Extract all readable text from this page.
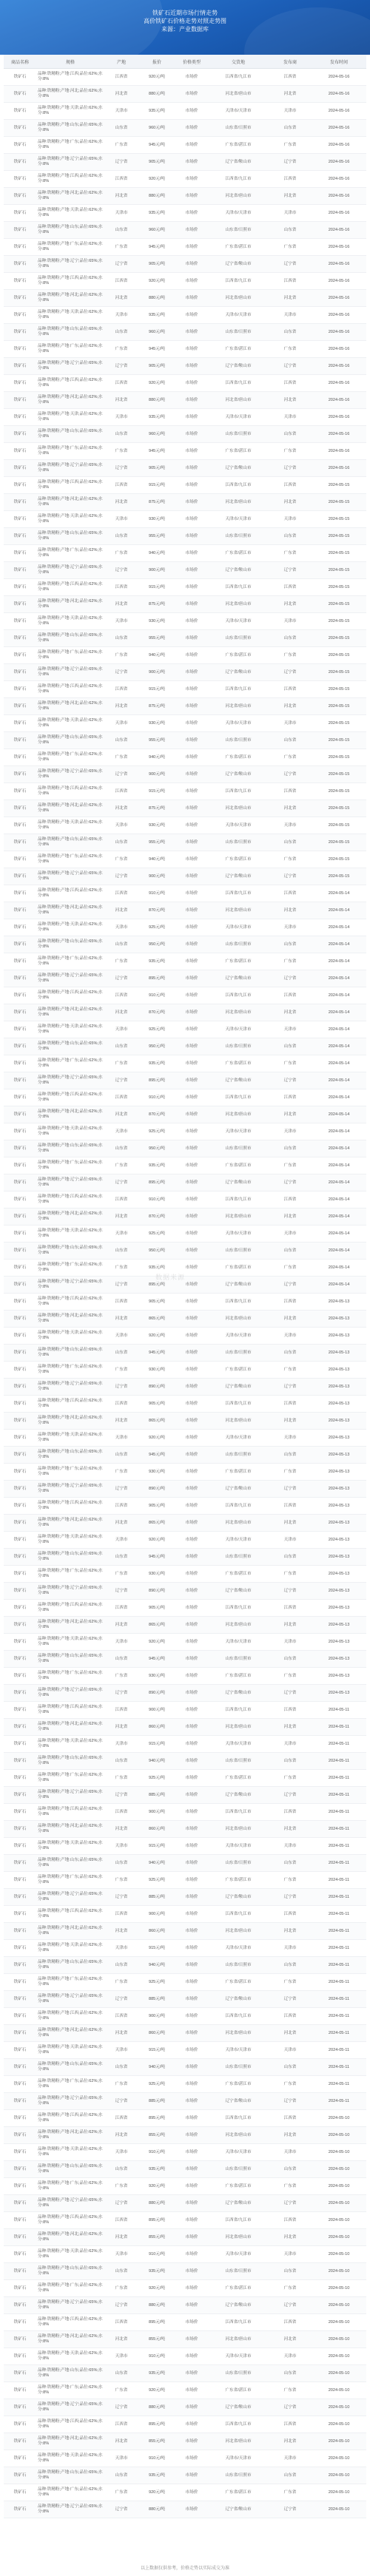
铁矿石近期市场行情走势
高价铁矿石价格走势对照走势图
来源：产业数据库
商品名称	规格	产地	报价	价格类型	交货地	发布商	发布时间
铁矿石	品种:铁精粉;产地:江西;品位:62%;水分:8%	江西省	920元/吨	市场价	江西省/九江市	江西省	2024-05-16
铁矿石	品种:铁精粉;产地:河北;品位:62%;水分:8%	河北省	880元/吨	市场价	河北省/唐山市	河北省	2024-05-16
铁矿石	品种:铁精粉;产地:天津;品位:62%;水分:8%	天津市	935元/吨	市场价	天津市/天津市	天津市	2024-05-16
铁矿石	品种:铁精粉;产地:山东;品位:65%;水分:8%	山东省	960元/吨	市场价	山东省/日照市	山东省	2024-05-16
铁矿石	品种:铁精粉;产地:广东;品位:62%;水分:8%	广东省	945元/吨	市场价	广东省/湛江市	广东省	2024-05-16
铁矿石	品种:铁精粉;产地:辽宁;品位:65%;水分:8%	辽宁省	905元/吨	市场价	辽宁省/鞍山市	辽宁省	2024-05-16
铁矿石	品种:铁精粉;产地:江西;品位:62%;水分:8%	江西省	920元/吨	市场价	江西省/九江市	江西省	2024-05-16
铁矿石	品种:铁精粉;产地:河北;品位:62%;水分:8%	河北省	880元/吨	市场价	河北省/唐山市	河北省	2024-05-16
铁矿石	品种:铁精粉;产地:天津;品位:62%;水分:8%	天津市	935元/吨	市场价	天津市/天津市	天津市	2024-05-16
铁矿石	品种:铁精粉;产地:山东;品位:65%;水分:8%	山东省	960元/吨	市场价	山东省/日照市	山东省	2024-05-16
铁矿石	品种:铁精粉;产地:广东;品位:62%;水分:8%	广东省	945元/吨	市场价	广东省/湛江市	广东省	2024-05-16
铁矿石	品种:铁精粉;产地:辽宁;品位:65%;水分:8%	辽宁省	905元/吨	市场价	辽宁省/鞍山市	辽宁省	2024-05-16
铁矿石	品种:铁精粉;产地:江西;品位:62%;水分:8%	江西省	920元/吨	市场价	江西省/九江市	江西省	2024-05-16
铁矿石	品种:铁精粉;产地:河北;品位:62%;水分:8%	河北省	880元/吨	市场价	河北省/唐山市	河北省	2024-05-16
铁矿石	品种:铁精粉;产地:天津;品位:62%;水分:8%	天津市	935元/吨	市场价	天津市/天津市	天津市	2024-05-16
铁矿石	品种:铁精粉;产地:山东;品位:65%;水分:8%	山东省	960元/吨	市场价	山东省/日照市	山东省	2024-05-16
铁矿石	品种:铁精粉;产地:广东;品位:62%;水分:8%	广东省	945元/吨	市场价	广东省/湛江市	广东省	2024-05-16
铁矿石	品种:铁精粉;产地:辽宁;品位:65%;水分:8%	辽宁省	905元/吨	市场价	辽宁省/鞍山市	辽宁省	2024-05-16
铁矿石	品种:铁精粉;产地:江西;品位:62%;水分:8%	江西省	920元/吨	市场价	江西省/九江市	江西省	2024-05-16
铁矿石	品种:铁精粉;产地:河北;品位:62%;水分:8%	河北省	880元/吨	市场价	河北省/唐山市	河北省	2024-05-16
铁矿石	品种:铁精粉;产地:天津;品位:62%;水分:8%	天津市	935元/吨	市场价	天津市/天津市	天津市	2024-05-16
铁矿石	品种:铁精粉;产地:山东;品位:65%;水分:8%	山东省	960元/吨	市场价	山东省/日照市	山东省	2024-05-16
铁矿石	品种:铁精粉;产地:广东;品位:62%;水分:8%	广东省	945元/吨	市场价	广东省/湛江市	广东省	2024-05-16
铁矿石	品种:铁精粉;产地:辽宁;品位:65%;水分:8%	辽宁省	905元/吨	市场价	辽宁省/鞍山市	辽宁省	2024-05-16
铁矿石	品种:铁精粉;产地:江西;品位:62%;水分:8%	江西省	915元/吨	市场价	江西省/九江市	江西省	2024-05-15
铁矿石	品种:铁精粉;产地:河北;品位:62%;水分:8%	河北省	875元/吨	市场价	河北省/唐山市	河北省	2024-05-15
铁矿石	品种:铁精粉;产地:天津;品位:62%;水分:8%	天津市	930元/吨	市场价	天津市/天津市	天津市	2024-05-15
铁矿石	品种:铁精粉;产地:山东;品位:65%;水分:8%	山东省	955元/吨	市场价	山东省/日照市	山东省	2024-05-15
铁矿石	品种:铁精粉;产地:广东;品位:62%;水分:8%	广东省	940元/吨	市场价	广东省/湛江市	广东省	2024-05-15
铁矿石	品种:铁精粉;产地:辽宁;品位:65%;水分:8%	辽宁省	900元/吨	市场价	辽宁省/鞍山市	辽宁省	2024-05-15
铁矿石	品种:铁精粉;产地:江西;品位:62%;水分:8%	江西省	915元/吨	市场价	江西省/九江市	江西省	2024-05-15
铁矿石	品种:铁精粉;产地:河北;品位:62%;水分:8%	河北省	875元/吨	市场价	河北省/唐山市	河北省	2024-05-15
铁矿石	品种:铁精粉;产地:天津;品位:62%;水分:8%	天津市	930元/吨	市场价	天津市/天津市	天津市	2024-05-15
铁矿石	品种:铁精粉;产地:山东;品位:65%;水分:8%	山东省	955元/吨	市场价	山东省/日照市	山东省	2024-05-15
铁矿石	品种:铁精粉;产地:广东;品位:62%;水分:8%	广东省	940元/吨	市场价	广东省/湛江市	广东省	2024-05-15
铁矿石	品种:铁精粉;产地:辽宁;品位:65%;水分:8%	辽宁省	900元/吨	市场价	辽宁省/鞍山市	辽宁省	2024-05-15
铁矿石	品种:铁精粉;产地:江西;品位:62%;水分:8%	江西省	915元/吨	市场价	江西省/九江市	江西省	2024-05-15
铁矿石	品种:铁精粉;产地:河北;品位:62%;水分:8%	河北省	875元/吨	市场价	河北省/唐山市	河北省	2024-05-15
铁矿石	品种:铁精粉;产地:天津;品位:62%;水分:8%	天津市	930元/吨	市场价	天津市/天津市	天津市	2024-05-15
铁矿石	品种:铁精粉;产地:山东;品位:65%;水分:8%	山东省	955元/吨	市场价	山东省/日照市	山东省	2024-05-15
铁矿石	品种:铁精粉;产地:广东;品位:62%;水分:8%	广东省	940元/吨	市场价	广东省/湛江市	广东省	2024-05-15
铁矿石	品种:铁精粉;产地:辽宁;品位:65%;水分:8%	辽宁省	900元/吨	市场价	辽宁省/鞍山市	辽宁省	2024-05-15
铁矿石	品种:铁精粉;产地:江西;品位:62%;水分:8%	江西省	915元/吨	市场价	江西省/九江市	江西省	2024-05-15
铁矿石	品种:铁精粉;产地:河北;品位:62%;水分:8%	河北省	875元/吨	市场价	河北省/唐山市	河北省	2024-05-15
铁矿石	品种:铁精粉;产地:天津;品位:62%;水分:8%	天津市	930元/吨	市场价	天津市/天津市	天津市	2024-05-15
铁矿石	品种:铁精粉;产地:山东;品位:65%;水分:8%	山东省	955元/吨	市场价	山东省/日照市	山东省	2024-05-15
铁矿石	品种:铁精粉;产地:广东;品位:62%;水分:8%	广东省	940元/吨	市场价	广东省/湛江市	广东省	2024-05-15
铁矿石	品种:铁精粉;产地:辽宁;品位:65%;水分:8%	辽宁省	900元/吨	市场价	辽宁省/鞍山市	辽宁省	2024-05-15
铁矿石	品种:铁精粉;产地:江西;品位:62%;水分:8%	江西省	910元/吨	市场价	江西省/九江市	江西省	2024-05-14
铁矿石	品种:铁精粉;产地:河北;品位:62%;水分:8%	河北省	870元/吨	市场价	河北省/唐山市	河北省	2024-05-14
铁矿石	品种:铁精粉;产地:天津;品位:62%;水分:8%	天津市	925元/吨	市场价	天津市/天津市	天津市	2024-05-14
铁矿石	品种:铁精粉;产地:山东;品位:65%;水分:8%	山东省	950元/吨	市场价	山东省/日照市	山东省	2024-05-14
铁矿石	品种:铁精粉;产地:广东;品位:62%;水分:8%	广东省	935元/吨	市场价	广东省/湛江市	广东省	2024-05-14
铁矿石	品种:铁精粉;产地:辽宁;品位:65%;水分:8%	辽宁省	895元/吨	市场价	辽宁省/鞍山市	辽宁省	2024-05-14
铁矿石	品种:铁精粉;产地:江西;品位:62%;水分:8%	江西省	910元/吨	市场价	江西省/九江市	江西省	2024-05-14
铁矿石	品种:铁精粉;产地:河北;品位:62%;水分:8%	河北省	870元/吨	市场价	河北省/唐山市	河北省	2024-05-14
铁矿石	品种:铁精粉;产地:天津;品位:62%;水分:8%	天津市	925元/吨	市场价	天津市/天津市	天津市	2024-05-14
铁矿石	品种:铁精粉;产地:山东;品位:65%;水分:8%	山东省	950元/吨	市场价	山东省/日照市	山东省	2024-05-14
铁矿石	品种:铁精粉;产地:广东;品位:62%;水分:8%	广东省	935元/吨	市场价	广东省/湛江市	广东省	2024-05-14
铁矿石	品种:铁精粉;产地:辽宁;品位:65%;水分:8%	辽宁省	895元/吨	市场价	辽宁省/鞍山市	辽宁省	2024-05-14
铁矿石	品种:铁精粉;产地:江西;品位:62%;水分:8%	江西省	910元/吨	市场价	江西省/九江市	江西省	2024-05-14
铁矿石	品种:铁精粉;产地:河北;品位:62%;水分:8%	河北省	870元/吨	市场价	河北省/唐山市	河北省	2024-05-14
铁矿石	品种:铁精粉;产地:天津;品位:62%;水分:8%	天津市	925元/吨	市场价	天津市/天津市	天津市	2024-05-14
铁矿石	品种:铁精粉;产地:山东;品位:65%;水分:8%	山东省	950元/吨	市场价	山东省/日照市	山东省	2024-05-14
铁矿石	品种:铁精粉;产地:广东;品位:62%;水分:8%	广东省	935元/吨	市场价	广东省/湛江市	广东省	2024-05-14
铁矿石	品种:铁精粉;产地:辽宁;品位:65%;水分:8%	辽宁省	895元/吨	市场价	辽宁省/鞍山市	辽宁省	2024-05-14
铁矿石	品种:铁精粉;产地:江西;品位:62%;水分:8%	江西省	910元/吨	市场价	江西省/九江市	江西省	2024-05-14
铁矿石	品种:铁精粉;产地:河北;品位:62%;水分:8%	河北省	870元/吨	市场价	河北省/唐山市	河北省	2024-05-14
铁矿石	品种:铁精粉;产地:天津;品位:62%;水分:8%	天津市	925元/吨	市场价	天津市/天津市	天津市	2024-05-14
铁矿石	品种:铁精粉;产地:山东;品位:65%;水分:8%	山东省	950元/吨	市场价	山东省/日照市	山东省	2024-05-14
铁矿石	品种:铁精粉;产地:广东;品位:62%;水分:8%	广东省	935元/吨	市场价	广东省/湛江市	广东省	2024-05-14
铁矿石	品种:铁精粉;产地:辽宁;品位:65%;水分:8%	辽宁省	895元/吨	市场价	辽宁省/鞍山市	辽宁省	2024-05-14
铁矿石	品种:铁精粉;产地:江西;品位:62%;水分:8%	江西省	905元/吨	市场价	江西省/九江市	江西省	2024-05-13
铁矿石	品种:铁精粉;产地:河北;品位:62%;水分:8%	河北省	865元/吨	市场价	河北省/唐山市	河北省	2024-05-13
铁矿石	品种:铁精粉;产地:天津;品位:62%;水分:8%	天津市	920元/吨	市场价	天津市/天津市	天津市	2024-05-13
铁矿石	品种:铁精粉;产地:山东;品位:65%;水分:8%	山东省	945元/吨	市场价	山东省/日照市	山东省	2024-05-13
铁矿石	品种:铁精粉;产地:广东;品位:62%;水分:8%	广东省	930元/吨	市场价	广东省/湛江市	广东省	2024-05-13
铁矿石	品种:铁精粉;产地:辽宁;品位:65%;水分:8%	辽宁省	890元/吨	市场价	辽宁省/鞍山市	辽宁省	2024-05-13
铁矿石	品种:铁精粉;产地:江西;品位:62%;水分:8%	江西省	905元/吨	市场价	江西省/九江市	江西省	2024-05-13
铁矿石	品种:铁精粉;产地:河北;品位:62%;水分:8%	河北省	865元/吨	市场价	河北省/唐山市	河北省	2024-05-13
铁矿石	品种:铁精粉;产地:天津;品位:62%;水分:8%	天津市	920元/吨	市场价	天津市/天津市	天津市	2024-05-13
铁矿石	品种:铁精粉;产地:山东;品位:65%;水分:8%	山东省	945元/吨	市场价	山东省/日照市	山东省	2024-05-13
铁矿石	品种:铁精粉;产地:广东;品位:62%;水分:8%	广东省	930元/吨	市场价	广东省/湛江市	广东省	2024-05-13
铁矿石	品种:铁精粉;产地:辽宁;品位:65%;水分:8%	辽宁省	890元/吨	市场价	辽宁省/鞍山市	辽宁省	2024-05-13
铁矿石	品种:铁精粉;产地:江西;品位:62%;水分:8%	江西省	905元/吨	市场价	江西省/九江市	江西省	2024-05-13
铁矿石	品种:铁精粉;产地:河北;品位:62%;水分:8%	河北省	865元/吨	市场价	河北省/唐山市	河北省	2024-05-13
铁矿石	品种:铁精粉;产地:天津;品位:62%;水分:8%	天津市	920元/吨	市场价	天津市/天津市	天津市	2024-05-13
铁矿石	品种:铁精粉;产地:山东;品位:65%;水分:8%	山东省	945元/吨	市场价	山东省/日照市	山东省	2024-05-13
铁矿石	品种:铁精粉;产地:广东;品位:62%;水分:8%	广东省	930元/吨	市场价	广东省/湛江市	广东省	2024-05-13
铁矿石	品种:铁精粉;产地:辽宁;品位:65%;水分:8%	辽宁省	890元/吨	市场价	辽宁省/鞍山市	辽宁省	2024-05-13
铁矿石	品种:铁精粉;产地:江西;品位:62%;水分:8%	江西省	905元/吨	市场价	江西省/九江市	江西省	2024-05-13
铁矿石	品种:铁精粉;产地:河北;品位:62%;水分:8%	河北省	865元/吨	市场价	河北省/唐山市	河北省	2024-05-13
铁矿石	品种:铁精粉;产地:天津;品位:62%;水分:8%	天津市	920元/吨	市场价	天津市/天津市	天津市	2024-05-13
铁矿石	品种:铁精粉;产地:山东;品位:65%;水分:8%	山东省	945元/吨	市场价	山东省/日照市	山东省	2024-05-13
铁矿石	品种:铁精粉;产地:广东;品位:62%;水分:8%	广东省	930元/吨	市场价	广东省/湛江市	广东省	2024-05-13
铁矿石	品种:铁精粉;产地:辽宁;品位:65%;水分:8%	辽宁省	890元/吨	市场价	辽宁省/鞍山市	辽宁省	2024-05-13
铁矿石	品种:铁精粉;产地:江西;品位:62%;水分:8%	江西省	900元/吨	市场价	江西省/九江市	江西省	2024-05-11
铁矿石	品种:铁精粉;产地:河北;品位:62%;水分:8%	河北省	860元/吨	市场价	河北省/唐山市	河北省	2024-05-11
铁矿石	品种:铁精粉;产地:天津;品位:62%;水分:8%	天津市	915元/吨	市场价	天津市/天津市	天津市	2024-05-11
铁矿石	品种:铁精粉;产地:山东;品位:65%;水分:8%	山东省	940元/吨	市场价	山东省/日照市	山东省	2024-05-11
铁矿石	品种:铁精粉;产地:广东;品位:62%;水分:8%	广东省	925元/吨	市场价	广东省/湛江市	广东省	2024-05-11
铁矿石	品种:铁精粉;产地:辽宁;品位:65%;水分:8%	辽宁省	885元/吨	市场价	辽宁省/鞍山市	辽宁省	2024-05-11
铁矿石	品种:铁精粉;产地:江西;品位:62%;水分:8%	江西省	900元/吨	市场价	江西省/九江市	江西省	2024-05-11
铁矿石	品种:铁精粉;产地:河北;品位:62%;水分:8%	河北省	860元/吨	市场价	河北省/唐山市	河北省	2024-05-11
铁矿石	品种:铁精粉;产地:天津;品位:62%;水分:8%	天津市	915元/吨	市场价	天津市/天津市	天津市	2024-05-11
铁矿石	品种:铁精粉;产地:山东;品位:65%;水分:8%	山东省	940元/吨	市场价	山东省/日照市	山东省	2024-05-11
铁矿石	品种:铁精粉;产地:广东;品位:62%;水分:8%	广东省	925元/吨	市场价	广东省/湛江市	广东省	2024-05-11
铁矿石	品种:铁精粉;产地:辽宁;品位:65%;水分:8%	辽宁省	885元/吨	市场价	辽宁省/鞍山市	辽宁省	2024-05-11
铁矿石	品种:铁精粉;产地:江西;品位:62%;水分:8%	江西省	900元/吨	市场价	江西省/九江市	江西省	2024-05-11
铁矿石	品种:铁精粉;产地:河北;品位:62%;水分:8%	河北省	860元/吨	市场价	河北省/唐山市	河北省	2024-05-11
铁矿石	品种:铁精粉;产地:天津;品位:62%;水分:8%	天津市	915元/吨	市场价	天津市/天津市	天津市	2024-05-11
铁矿石	品种:铁精粉;产地:山东;品位:65%;水分:8%	山东省	940元/吨	市场价	山东省/日照市	山东省	2024-05-11
铁矿石	品种:铁精粉;产地:广东;品位:62%;水分:8%	广东省	925元/吨	市场价	广东省/湛江市	广东省	2024-05-11
铁矿石	品种:铁精粉;产地:辽宁;品位:65%;水分:8%	辽宁省	885元/吨	市场价	辽宁省/鞍山市	辽宁省	2024-05-11
铁矿石	品种:铁精粉;产地:江西;品位:62%;水分:8%	江西省	900元/吨	市场价	江西省/九江市	江西省	2024-05-11
铁矿石	品种:铁精粉;产地:河北;品位:62%;水分:8%	河北省	860元/吨	市场价	河北省/唐山市	河北省	2024-05-11
铁矿石	品种:铁精粉;产地:天津;品位:62%;水分:8%	天津市	915元/吨	市场价	天津市/天津市	天津市	2024-05-11
铁矿石	品种:铁精粉;产地:山东;品位:65%;水分:8%	山东省	940元/吨	市场价	山东省/日照市	山东省	2024-05-11
铁矿石	品种:铁精粉;产地:广东;品位:62%;水分:8%	广东省	925元/吨	市场价	广东省/湛江市	广东省	2024-05-11
铁矿石	品种:铁精粉;产地:辽宁;品位:65%;水分:8%	辽宁省	885元/吨	市场价	辽宁省/鞍山市	辽宁省	2024-05-11
铁矿石	品种:铁精粉;产地:江西;品位:62%;水分:8%	江西省	895元/吨	市场价	江西省/九江市	江西省	2024-05-10
铁矿石	品种:铁精粉;产地:河北;品位:62%;水分:8%	河北省	855元/吨	市场价	河北省/唐山市	河北省	2024-05-10
铁矿石	品种:铁精粉;产地:天津;品位:62%;水分:8%	天津市	910元/吨	市场价	天津市/天津市	天津市	2024-05-10
铁矿石	品种:铁精粉;产地:山东;品位:65%;水分:8%	山东省	935元/吨	市场价	山东省/日照市	山东省	2024-05-10
铁矿石	品种:铁精粉;产地:广东;品位:62%;水分:8%	广东省	920元/吨	市场价	广东省/湛江市	广东省	2024-05-10
铁矿石	品种:铁精粉;产地:辽宁;品位:65%;水分:8%	辽宁省	880元/吨	市场价	辽宁省/鞍山市	辽宁省	2024-05-10
铁矿石	品种:铁精粉;产地:江西;品位:62%;水分:8%	江西省	895元/吨	市场价	江西省/九江市	江西省	2024-05-10
铁矿石	品种:铁精粉;产地:河北;品位:62%;水分:8%	河北省	855元/吨	市场价	河北省/唐山市	河北省	2024-05-10
铁矿石	品种:铁精粉;产地:天津;品位:62%;水分:8%	天津市	910元/吨	市场价	天津市/天津市	天津市	2024-05-10
铁矿石	品种:铁精粉;产地:山东;品位:65%;水分:8%	山东省	935元/吨	市场价	山东省/日照市	山东省	2024-05-10
铁矿石	品种:铁精粉;产地:广东;品位:62%;水分:8%	广东省	920元/吨	市场价	广东省/湛江市	广东省	2024-05-10
铁矿石	品种:铁精粉;产地:辽宁;品位:65%;水分:8%	辽宁省	880元/吨	市场价	辽宁省/鞍山市	辽宁省	2024-05-10
铁矿石	品种:铁精粉;产地:江西;品位:62%;水分:8%	江西省	895元/吨	市场价	江西省/九江市	江西省	2024-05-10
铁矿石	品种:铁精粉;产地:河北;品位:62%;水分:8%	河北省	855元/吨	市场价	河北省/唐山市	河北省	2024-05-10
铁矿石	品种:铁精粉;产地:天津;品位:62%;水分:8%	天津市	910元/吨	市场价	天津市/天津市	天津市	2024-05-10
铁矿石	品种:铁精粉;产地:山东;品位:65%;水分:8%	山东省	935元/吨	市场价	山东省/日照市	山东省	2024-05-10
铁矿石	品种:铁精粉;产地:广东;品位:62%;水分:8%	广东省	920元/吨	市场价	广东省/湛江市	广东省	2024-05-10
铁矿石	品种:铁精粉;产地:辽宁;品位:65%;水分:8%	辽宁省	880元/吨	市场价	辽宁省/鞍山市	辽宁省	2024-05-10
铁矿石	品种:铁精粉;产地:江西;品位:62%;水分:8%	江西省	895元/吨	市场价	江西省/九江市	江西省	2024-05-10
铁矿石	品种:铁精粉;产地:河北;品位:62%;水分:8%	河北省	855元/吨	市场价	河北省/唐山市	河北省	2024-05-10
铁矿石	品种:铁精粉;产地:天津;品位:62%;水分:8%	天津市	910元/吨	市场价	天津市/天津市	天津市	2024-05-10
铁矿石	品种:铁精粉;产地:山东;品位:65%;水分:8%	山东省	935元/吨	市场价	山东省/日照市	山东省	2024-05-10
铁矿石	品种:铁精粉;产地:广东;品位:62%;水分:8%	广东省	920元/吨	市场价	广东省/湛江市	广东省	2024-05-10
铁矿石	品种:铁精粉;产地:辽宁;品位:65%;水分:8%	辽宁省	880元/吨	市场价	辽宁省/鞍山市	辽宁省	2024-05-10
数据来源
以上数据仅供参考，价格走势以实际成交为准
